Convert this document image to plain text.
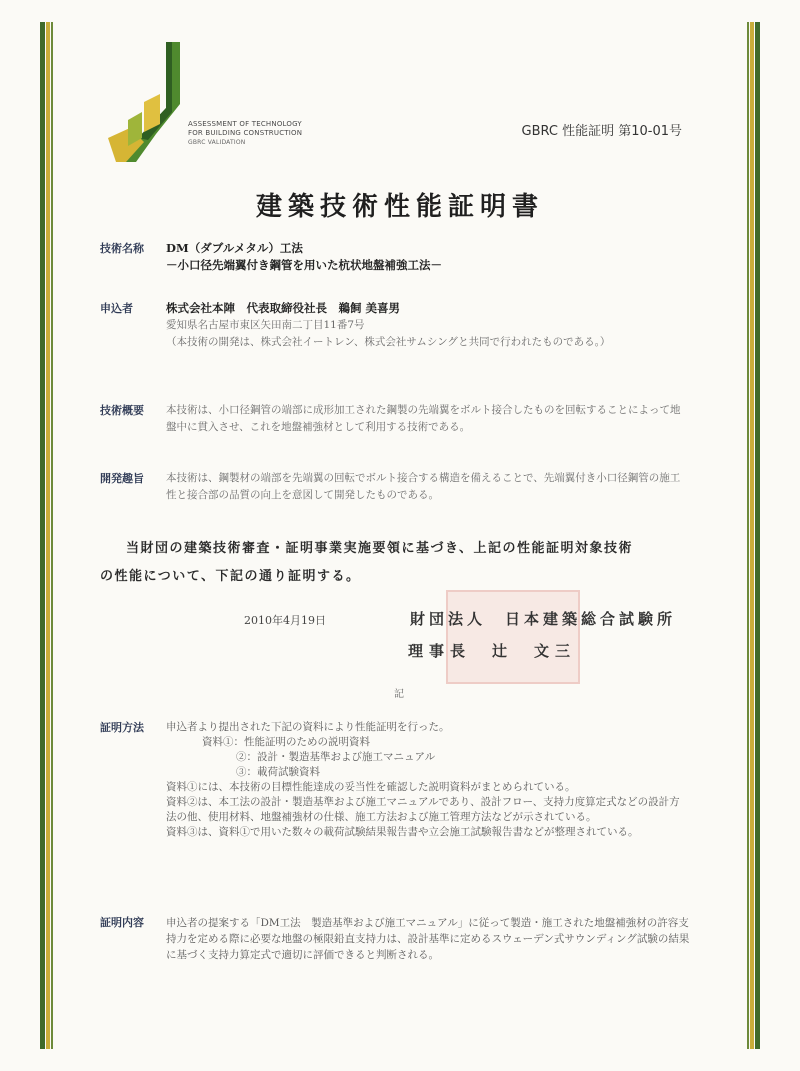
ASSESSMENT OF TECHNOLOGY
FOR BUILDING CONSTRUCTION
GBRC VALIDATION
GBRC 性能証明 第10-01号
建築技術性能証明書
技術名称	DM（ダブルメタル）工法
－小口径先端翼付き鋼管を用いた杭状地盤補強工法－
申込者	株式会社本陣　代表取締役社長　鵜飼 美喜男
愛知県名古屋市東区矢田南二丁目11番7号
（本技術の開発は、株式会社イートレン、株式会社サムシングと共同で行われたものである。）
技術概要	本技術は、小口径鋼管の端部に成形加工された鋼製の先端翼をボルト接合したものを回転することによって地盤中に貫入させ、これを地盤補強材として利用する技術である。
開発趣旨	本技術は、鋼製材の端部を先端翼の回転でボルト接合する構造を備えることで、先端翼付き小口径鋼管の施工性と接合部の品質の向上を意図して開発したものである。
当財団の建築技術審査・証明事業実施要領に基づき、上記の性能証明対象技術
の性能について、下記の通り証明する。
2010年4月19日	財団法人　日本建築総合試験所
理事長　辻　文三
記
証明方法 申込者より提出された下記の資料により性能証明を行った。
資料①：性能証明のための説明資料
②：設計・製造基準および施工マニュアル
③：載荷試験資料
資料①には、本技術の目標性能達成の妥当性を確認した説明資料がまとめられている。
資料②は、本工法の設計・製造基準および施工マニュアルであり、設計フロー、支持力度算定式などの設計方法の他、使用材料、地盤補強材の仕様、施工方法および施工管理方法などが示されている。
資料③は、資料①で用いた数々の載荷試験結果報告書や立会施工試験報告書などが整理されている。
証明内容 申込者の提案する「DM工法　製造基準および施工マニュアル」に従って製造・施工された地盤補強材の許容支持力を定める際に必要な地盤の極限鉛直支持力は、設計基準に定めるスウェーデン式サウンディング試験の結果に基づく支持力算定式で適切に評価できると判断される。
